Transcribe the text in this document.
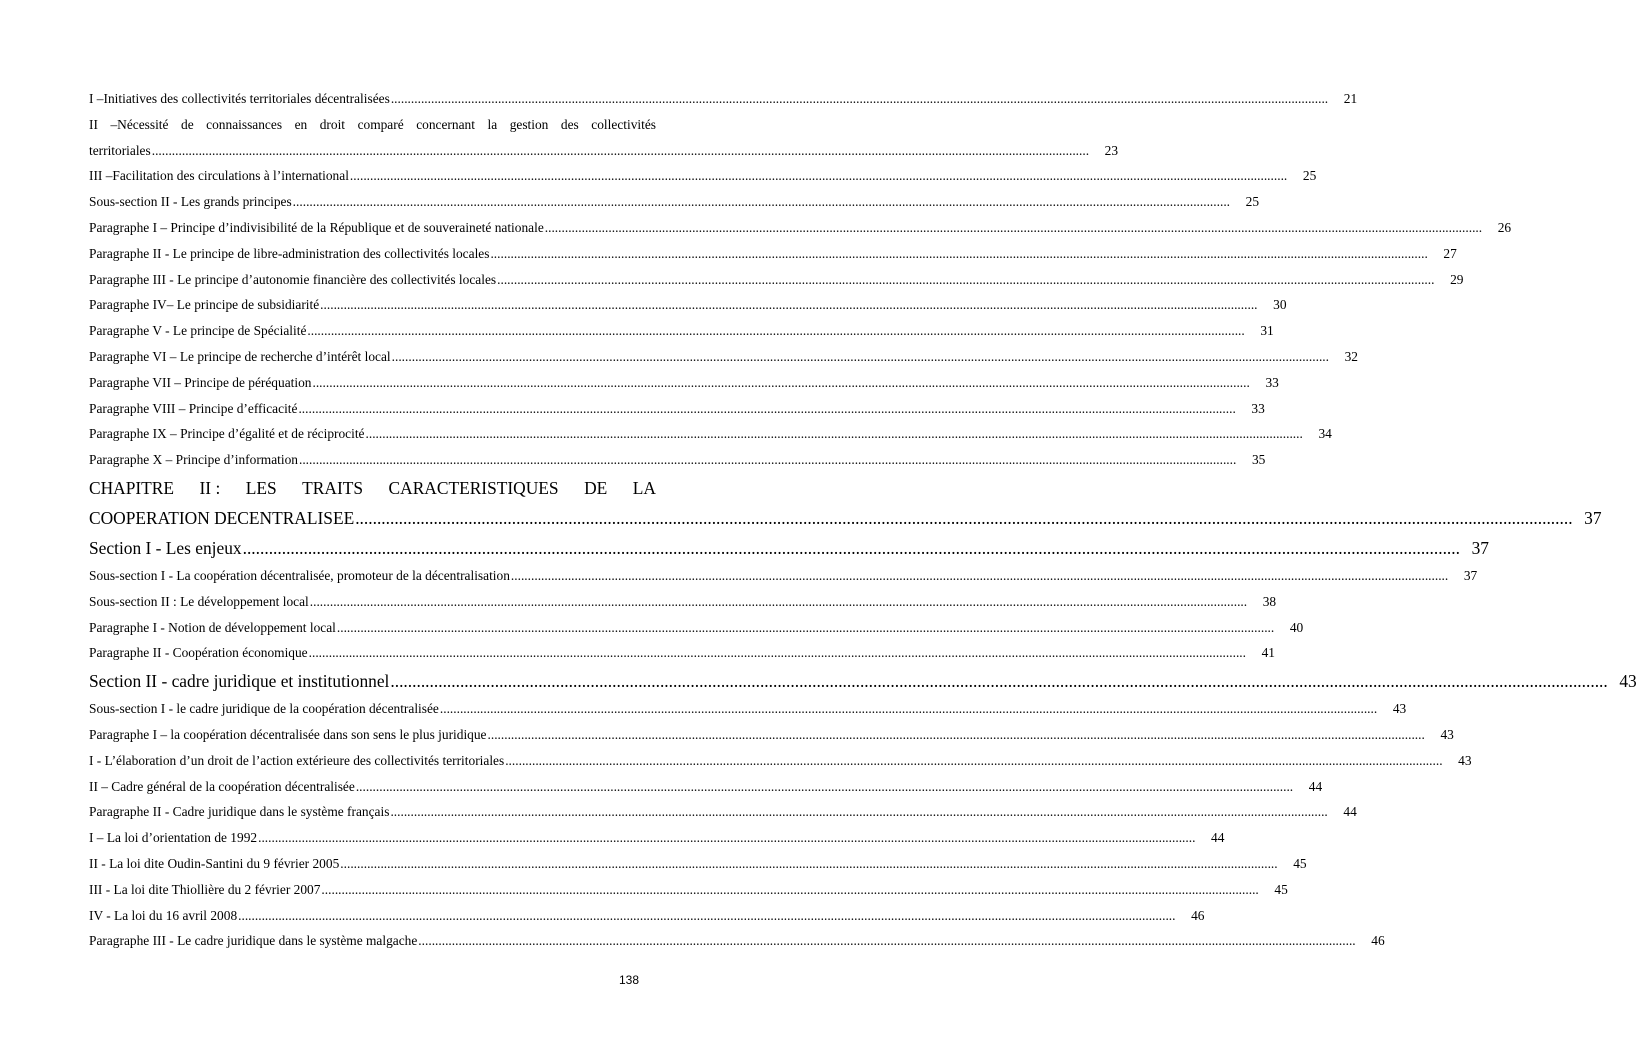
I –Initiatives des collectivités territoriales décentralisées .....	21
II –Nécessité de connaissances en droit comparé concernant la gestion des collectivités
territoriales .....	23
III –Facilitation des circulations à l’international .....	25
Sous-section II - Les grands principes .....	25
Paragraphe I – Principe d’indivisibilité de la République et de souveraineté nationale .....	26
Paragraphe II - Le principe de libre-administration des collectivités locales .....	27
Paragraphe III - Le principe d’autonomie financière des collectivités locales .....	29
Paragraphe IV– Le principe de subsidiarité .....	30
Paragraphe V - Le principe de Spécialité .....	31
Paragraphe VI – Le principe de recherche d’intérêt local .....	32
Paragraphe VII – Principe de péréquation .....	33
Paragraphe VIII – Principe d’efficacité .....	33
Paragraphe IX – Principe d’égalité et de réciprocité .....	34
Paragraphe X – Principe d’information .....	35
CHAPITRE II : LES TRAITS CARACTERISTIQUES DE LA
COOPERATION DECENTRALISEE .....	37
Section I - Les enjeux .....	37
Sous-section I - La coopération décentralisée, promoteur de la décentralisation .....	37
Sous-section II : Le développement local .....	38
Paragraphe I - Notion de développement local .....	40
Paragraphe II - Coopération économique .....	41
Section II - cadre juridique et institutionnel .....	43
Sous-section I - le cadre juridique de la coopération décentralisée .....	43
Paragraphe I – la coopération décentralisée dans son sens le plus juridique .....	43
I - L’élaboration d’un droit de l’action extérieure des collectivités territoriales .....	43
II – Cadre général de la coopération décentralisée .....	44
Paragraphe II - Cadre juridique dans le système français .....	44
I – La loi d’orientation de 1992 .....	44
II - La loi dite Oudin-Santini du 9 février 2005 .....	45
III - La loi dite Thiollière du 2 février 2007 .....	45
IV - La loi du 16 avril 2008 .....	46
Paragraphe III - Le cadre juridique dans le système malgache .....	46
138
